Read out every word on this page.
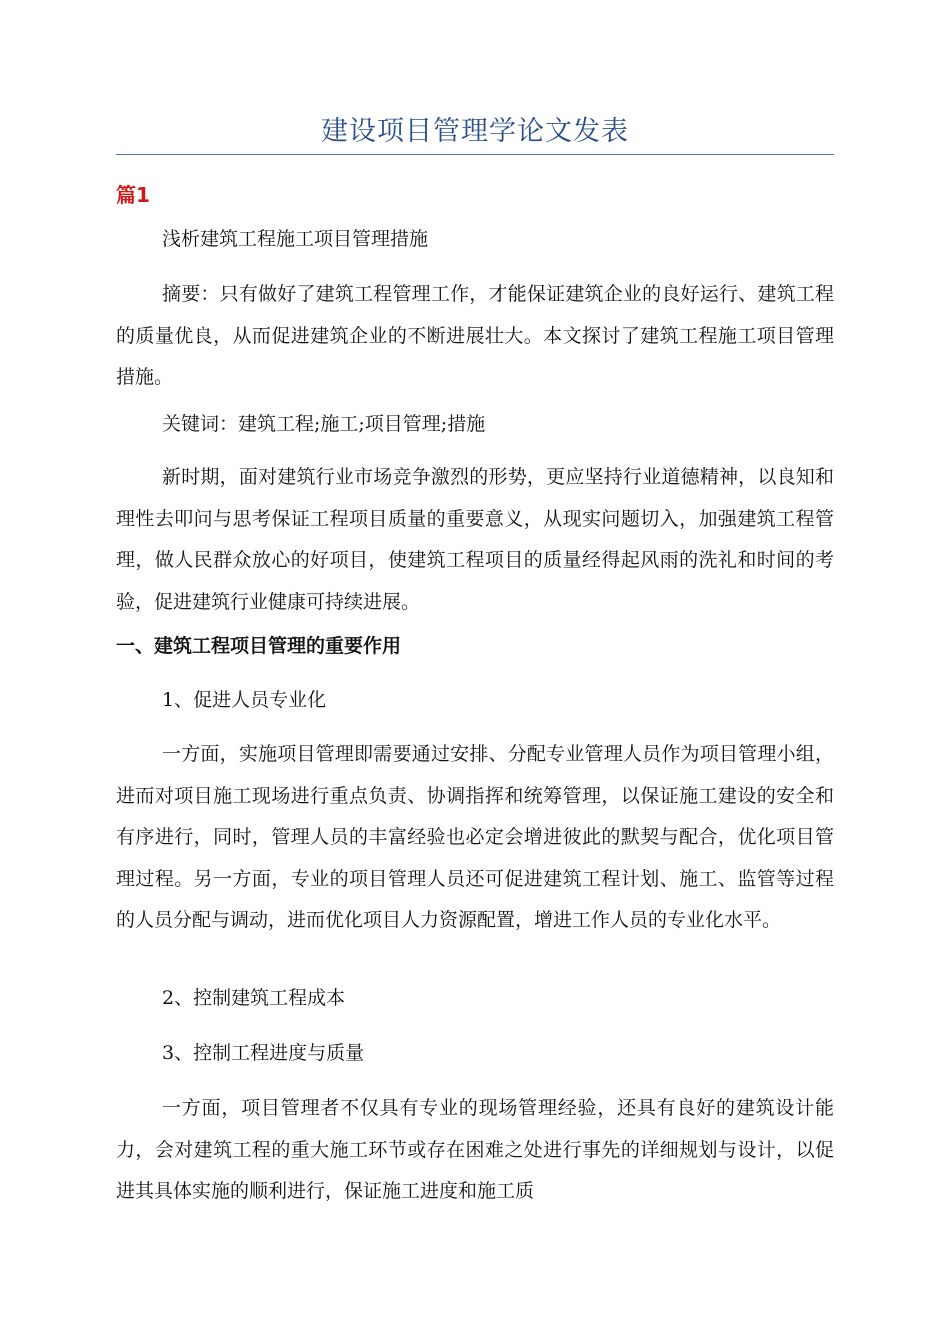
建设项目管理学论文发表
篇1

浅析建筑工程施工项目管理措施

摘要：只有做好了建筑工程管理工作，才能保证建筑企业的良好运行、建筑工程的质量优良，从而促进建筑企业的不断进展壮大。本文探讨了建筑工程施工项目管理措施。

关键词：建筑工程;施工;项目管理;措施

新时期，面对建筑行业市场竞争激烈的形势，更应坚持行业道德精神，以良知和理性去叩问与思考保证工程项目质量的重要意义，从现实问题切入，加强建筑工程管理，做人民群众放心的好项目，使建筑工程项目的质量经得起风雨的洗礼和时间的考验，促进建筑行业健康可持续进展。

一、建筑工程项目管理的重要作用

1、促进人员专业化

一方面，实施项目管理即需要通过安排、分配专业管理人员作为项目管理小组，进而对项目施工现场进行重点负责、协调指挥和统筹管理，以保证施工建设的安全和有序进行，同时，管理人员的丰富经验也必定会增进彼此的默契与配合，优化项目管理过程。另一方面，专业的项目管理人员还可促进建筑工程计划、施工、监管等过程的人员分配与调动，进而优化项目人力资源配置，增进工作人员的专业化水平。

2、控制建筑工程成本

3、控制工程进度与质量

一方面，项目管理者不仅具有专业的现场管理经验，还具有良好的建筑设计能力，会对建筑工程的重大施工环节或存在困难之处进行事先的详细规划与设计，以促进其具体实施的顺利进行，保证施工进度和施工质
